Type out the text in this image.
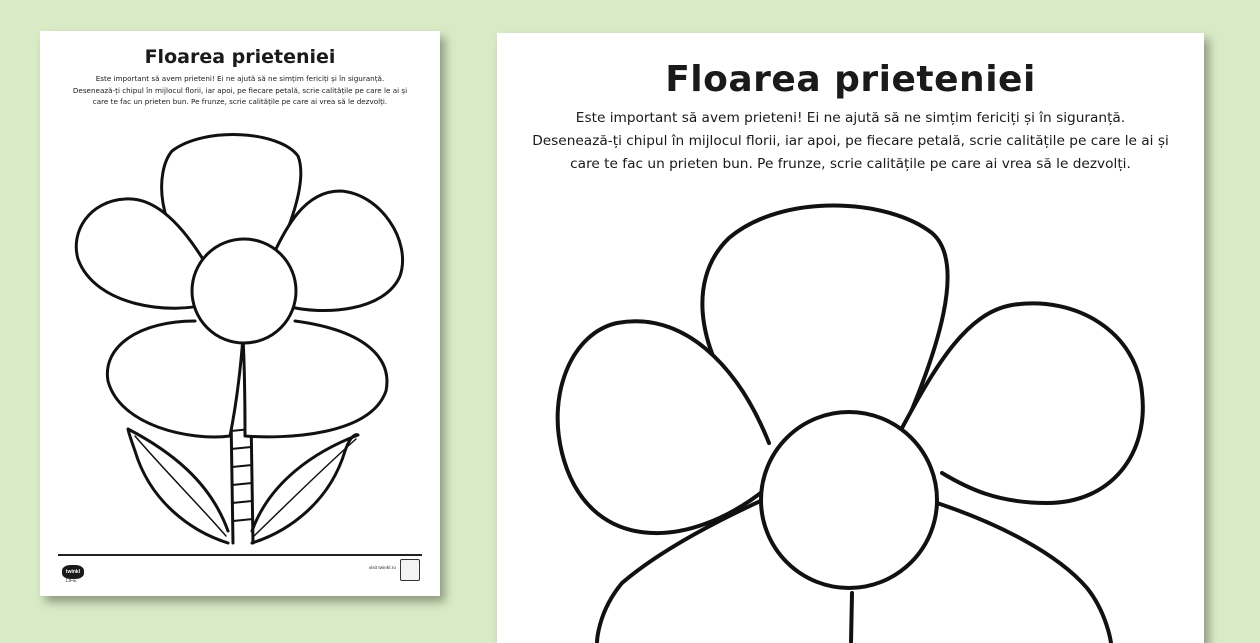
Floarea prieteniei

Este important să avem prieteni! Ei ne ajută să ne simțim fericiți și în siguranță.
Desenează-ți chipul în mijlocul florii, iar apoi, pe fiecare petală, scrie calitățile pe care le ai și
care te fac un prieten bun. Pe frunze, scrie calitățile pe care ai vrea să le dezvolți.

twinkl
LIFE
visit twinkl.ro
Floarea prieteniei

Este important să avem prieteni! Ei ne ajută să ne simțim fericiți și în siguranță.
Desenează-ți chipul în mijlocul florii, iar apoi, pe fiecare petală, scrie calitățile pe care le ai și
care te fac un prieten bun. Pe frunze, scrie calitățile pe care ai vrea să le dezvolți.
